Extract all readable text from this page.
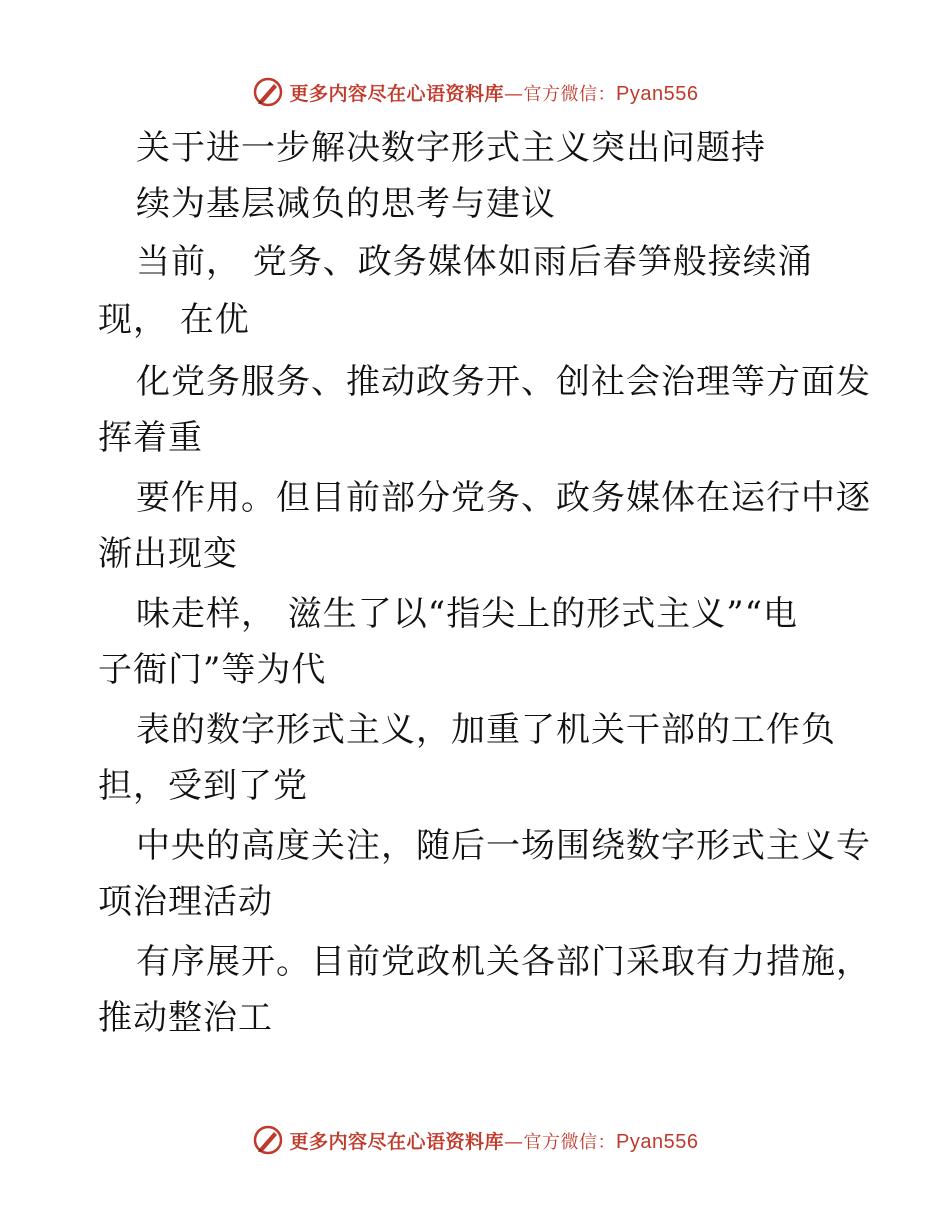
更多内容尽在心语资料库—官方微信：Pyan556
关于进一步解决数字形式主义突出问题持
续为基层减负的思考与建议
当前， 党务、政务媒体如雨后春笋般接续涌
现， 在优
化党务服务、推动政务开、创社会治理等方面发
挥着重
要作用。但目前部分党务、政务媒体在运行中逐
渐出现变
味走样， 滋生了以“指尖上的形式主义”“电
子衙门”等为代
表的数字形式主义，加重了机关干部的工作负
担，受到了党
中央的高度关注，随后一场围绕数字形式主义专
项治理活动
有序展开。目前党政机关各部门采取有力措施，
推动整治工
更多内容尽在心语资料库—官方微信：Pyan556
